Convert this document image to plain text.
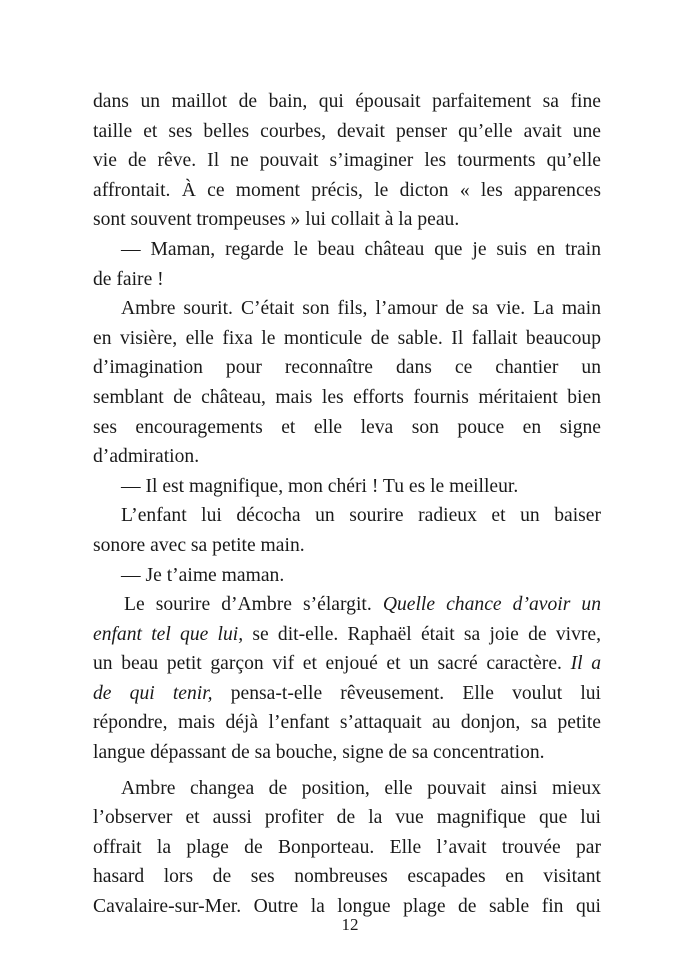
dans un maillot de bain, qui épousait parfaitement sa fine
taille et ses belles courbes, devait penser qu’elle avait une
vie de rêve. Il ne pouvait s’imaginer les tourments qu’elle
affrontait. À ce moment précis, le dicton « les apparences
sont souvent trompeuses » lui collait à la peau.

— Maman, regarde le beau château que je suis en train
de faire !

Ambre sourit. C’était son fils, l’amour de sa vie. La main
en visière, elle fixa le monticule de sable. Il fallait beaucoup
d’imagination pour reconnaître dans ce chantier un
semblant de château, mais les efforts fournis méritaient bien
ses encouragements et elle leva son pouce en signe
d’admiration.

— Il est magnifique, mon chéri ! Tu es le meilleur.

L’enfant lui décocha un sourire radieux et un baiser
sonore avec sa petite main.

— Je t’aime maman.

Le sourire d’Ambre s’élargit. Quelle chance d’avoir un
enfant tel que lui, se dit-elle. Raphaël était sa joie de vivre,
un beau petit garçon vif et enjoué et un sacré caractère. Il a
de qui tenir, pensa-t-elle rêveusement. Elle voulut lui
répondre, mais déjà l’enfant s’attaquait au donjon, sa petite
langue dépassant de sa bouche, signe de sa concentration.

Ambre changea de position, elle pouvait ainsi mieux
l’observer et aussi profiter de la vue magnifique que lui
offrait la plage de Bonporteau. Elle l’avait trouvée par
hasard lors de ses nombreuses escapades en visitant
Cavalaire-sur-Mer. Outre la longue plage de sable fin qui

12
